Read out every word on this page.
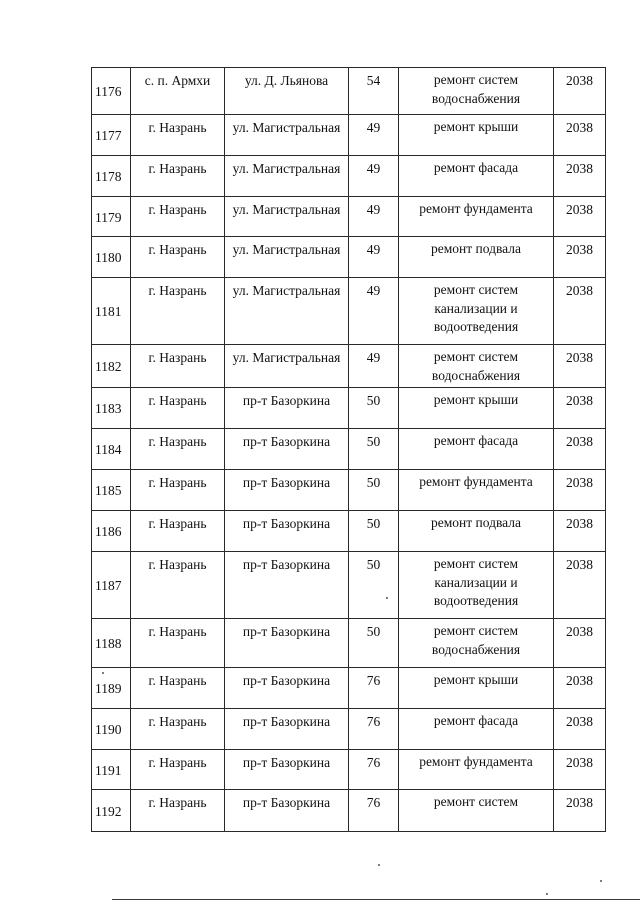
1176	с. п. Армхи	ул. Д. Льянова	54	ремонт систем водоснабжения	2038
1177	г. Назрань	ул. Магистральная	49	ремонт крыши	2038
1178	г. Назрань	ул. Магистральная	49	ремонт фасада	2038
1179	г. Назрань	ул. Магистральная	49	ремонт фундамента	2038
1180	г. Назрань	ул. Магистральная	49	ремонт подвала	2038
1181	г. Назрань	ул. Магистральная	49	ремонт систем канализации и водоотведения	2038
1182	г. Назрань	ул. Магистральная	49	ремонт систем водоснабжения	2038
1183	г. Назрань	пр-т Базоркина	50	ремонт крыши	2038
1184	г. Назрань	пр-т Базоркина	50	ремонт фасада	2038
1185	г. Назрань	пр-т Базоркина	50	ремонт фундамента	2038
1186	г. Назрань	пр-т Базоркина	50	ремонт подвала	2038
1187	г. Назрань	пр-т Базоркина	50	ремонт систем канализации и водоотведения	2038
1188	г. Назрань	пр-т Базоркина	50	ремонт систем водоснабжения	2038
1189	г. Назрань	пр-т Базоркина	76	ремонт крыши	2038
1190	г. Назрань	пр-т Базоркина	76	ремонт фасада	2038
1191	г. Назрань	пр-т Базоркина	76	ремонт фундамента	2038
1192	г. Назрань	пр-т Базоркина	76	ремонт систем	2038
